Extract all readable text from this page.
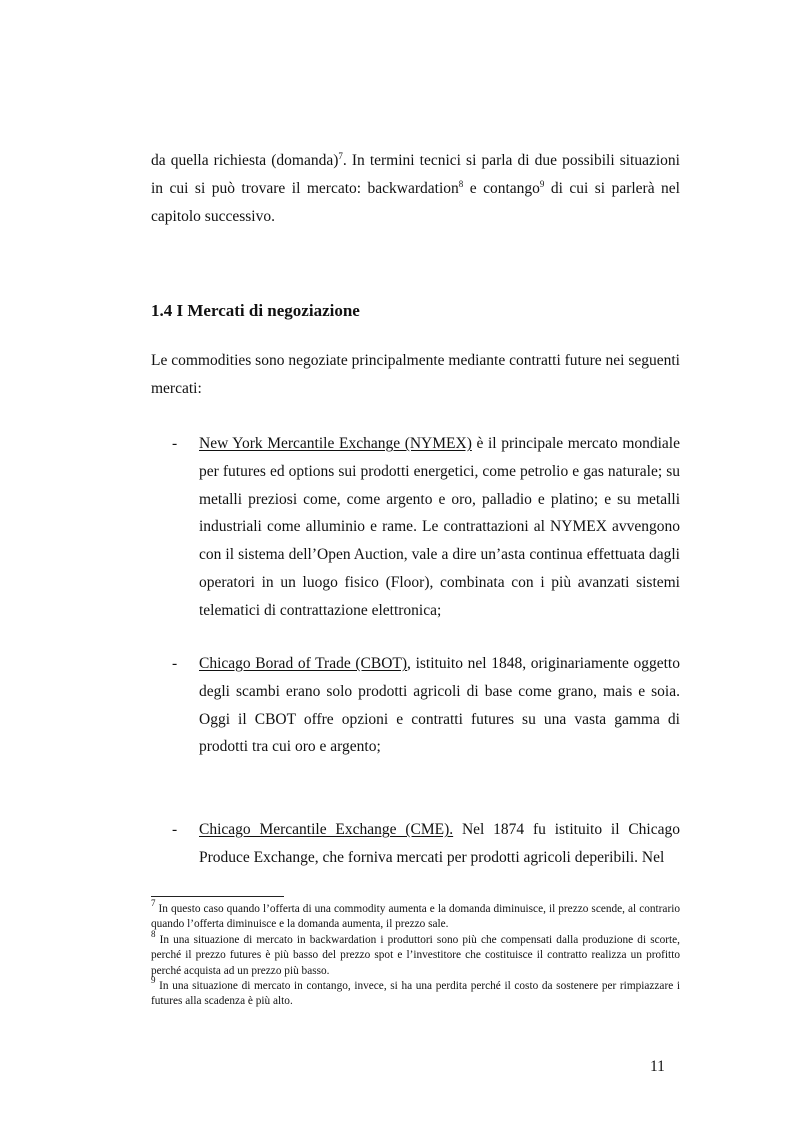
da quella richiesta (domanda)$^7$. In termini tecnici si parla di due possibili situazioni in cui si può trovare il mercato: backwardation$^8$ e contango$^9$ di cui si parlerà nel capitolo successivo.

1.4 I Mercati di negoziazione

Le commodities sono negoziate principalmente mediante contratti future nei seguenti mercati:

-	New York Mercantile Exchange (NYMEX) è il principale mercato mondiale per futures ed options sui prodotti energetici, come petrolio e gas naturale; su metalli preziosi come, come argento e oro, palladio e platino; e su metalli industriali come alluminio e rame. Le contrattazioni al NYMEX avvengono con il sistema dell’Open Auction, vale a dire un’asta continua effettuata dagli operatori in un luogo fisico (Floor), combinata con i più avanzati sistemi telematici di contrattazione elettronica;

-	Chicago Borad of Trade (CBOT), istituito nel 1848, originariamente oggetto degli scambi erano solo prodotti agricoli di base come grano, mais e soia. Oggi il CBOT offre opzioni e contratti futures su una vasta gamma di prodotti tra cui oro e argento;

-	Chicago Mercantile Exchange (CME). Nel 1874 fu istituito il Chicago Produce Exchange, che forniva mercati per prodotti agricoli deperibili. Nel

$^7$ In questo caso quando l’offerta di una commodity aumenta e la domanda diminuisce, il prezzo scende, al contrario quando l’offerta diminuisce e la domanda aumenta, il prezzo sale.

$^8$ In una situazione di mercato in backwardation i produttori sono più che compensati dalla produzione di scorte, perché il prezzo futures è più basso del prezzo spot e l’investitore che costituisce il contratto realizza un profitto perché acquista ad un prezzo più basso.

$^9$ In una situazione di mercato in contango, invece, si ha una perdita perché il costo da sostenere per rimpiazzare i futures alla scadenza è più alto.

11
